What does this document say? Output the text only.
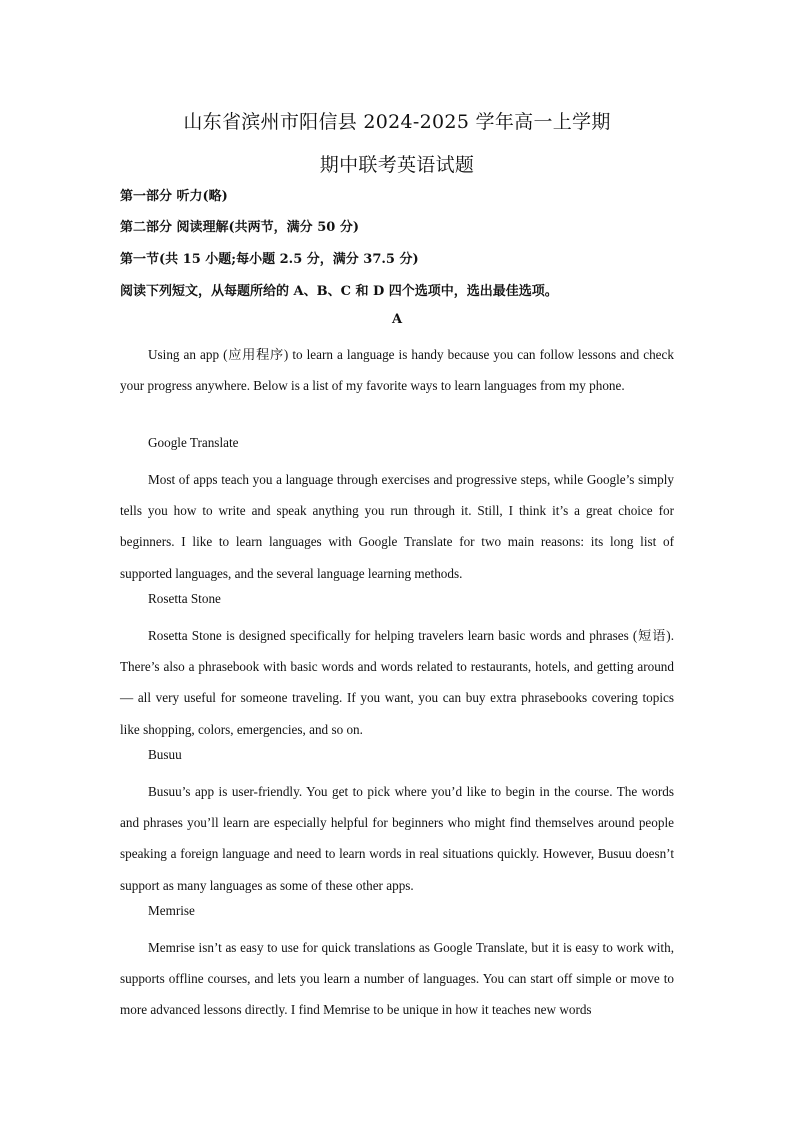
山东省滨州市阳信县 2024-2025 学年高一上学期
期中联考英语试题
第一部分 听力(略)
第二部分 阅读理解(共两节，满分 50 分)
第一节(共 15 小题;每小题 2.5 分，满分 37.5 分)
阅读下列短文，从每题所给的 A、B、C 和 D 四个选项中，选出最佳选项。
A

Using an app (应用程序) to learn a language is handy because you can follow lessons and check your progress anywhere. Below is a list of my favorite ways to learn languages from my phone.

Google Translate

Most of apps teach you a language through exercises and progressive steps, while Google’s simply tells you how to write and speak anything you run through it. Still, I think it’s a great choice for beginners. I like to learn languages with Google Translate for two main reasons: its long list of supported languages, and the several language learning methods.

Rosetta Stone

Rosetta Stone is designed specifically for helping travelers learn basic words and phrases (短语). There’s also a phrasebook with basic words and words related to restaurants, hotels, and getting around— all very useful for someone traveling. If you want, you can buy extra phrasebooks covering topics like shopping, colors, emergencies, and so on.

Busuu

Busuu’s app is user-friendly. You get to pick where you’d like to begin in the course. The words and phrases you’ll learn are especially helpful for beginners who might find themselves around people speaking a foreign language and need to learn words in real situations quickly. However, Busuu doesn’t support as many languages as some of these other apps.

Memrise

Memrise isn’t as easy to use for quick translations as Google Translate, but it is easy to work with, supports offline courses, and lets you learn a number of languages. You can start off simple or move to more advanced lessons directly. I find Memrise to be unique in how it teaches new words
